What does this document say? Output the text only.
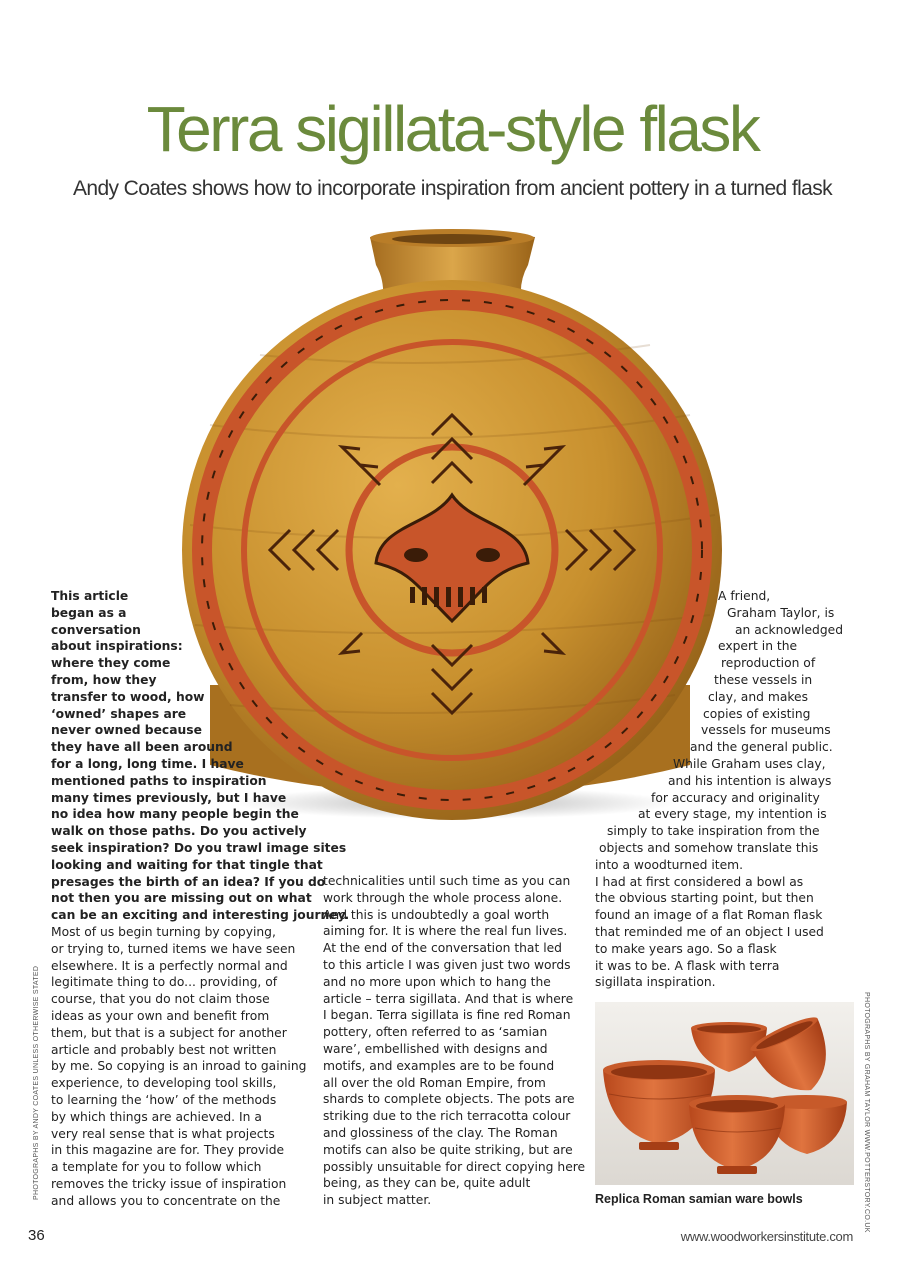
Terra sigillata-style flask
Andy Coates shows how to incorporate inspiration from ancient pottery in a turned flask
This article
began as a
conversation
about inspirations:
where they come
from, how they
transfer to wood, how
‘owned’ shapes are
never owned because
they have all been around
for a long, long time. I have
mentioned paths to inspiration
many times previously, but I have
no idea how many people begin the
walk on those paths. Do you actively
seek inspiration? Do you trawl image sites
looking and waiting for that tingle that
presages the birth of an idea? If you do
not then you are missing out on what
can be an exciting and interesting journey.
Most of us begin turning by copying,
or trying to, turned items we have seen
elsewhere. It is a perfectly normal and
legitimate thing to do... providing, of
course, that you do not claim those
ideas as your own and benefit from
them, but that is a subject for another
article and probably best not written
by me. So copying is an inroad to gaining
experience, to developing tool skills,
to learning the ‘how’ of the methods
by which things are achieved. In a
very real sense that is what projects
in this magazine are for. They provide
a template for you to follow which
removes the tricky issue of inspiration
and allows you to concentrate on the
technicalities until such time as you can
work through the whole process alone.
And this is undoubtedly a goal worth
aiming for. It is where the real fun lives.
At the end of the conversation that led
to this article I was given just two words
and no more upon which to hang the
article – terra sigillata. And that is where
I began. Terra sigillata is fine red Roman
pottery, often referred to as ‘samian
ware’, embellished with designs and
motifs, and examples are to be found
all over the old Roman Empire, from
shards to complete objects. The pots are
striking due to the rich terracotta colour
and glossiness of the clay. The Roman
motifs can also be quite striking, but are
possibly unsuitable for direct copying here
being, as they can be, quite adult
in subject matter.
A friend,
Graham Taylor, is
an acknowledged
expert in the
reproduction of
these vessels in
clay, and makes
copies of existing
vessels for museums
and the general public.
While Graham uses clay,
and his intention is always
for accuracy and originality
at every stage, my intention is
simply to take inspiration from the
objects and somehow translate this
into a woodturned item.
I had at first considered a bowl as
the obvious starting point, but then
found an image of a flat Roman flask
that reminded me of an object I used
to make years ago. So a flask
it was to be. A flask with terra
sigillata inspiration.
PHOTOGRAPHS BY ANDY COATES UNLESS OTHERWISE STATED	PHOTOGRAPHS BY GRAHAM TAYLOR WWW.POTTERSTORY.CO.UK
Replica Roman samian ware bowls
36	www.woodworkersinstitute.com
